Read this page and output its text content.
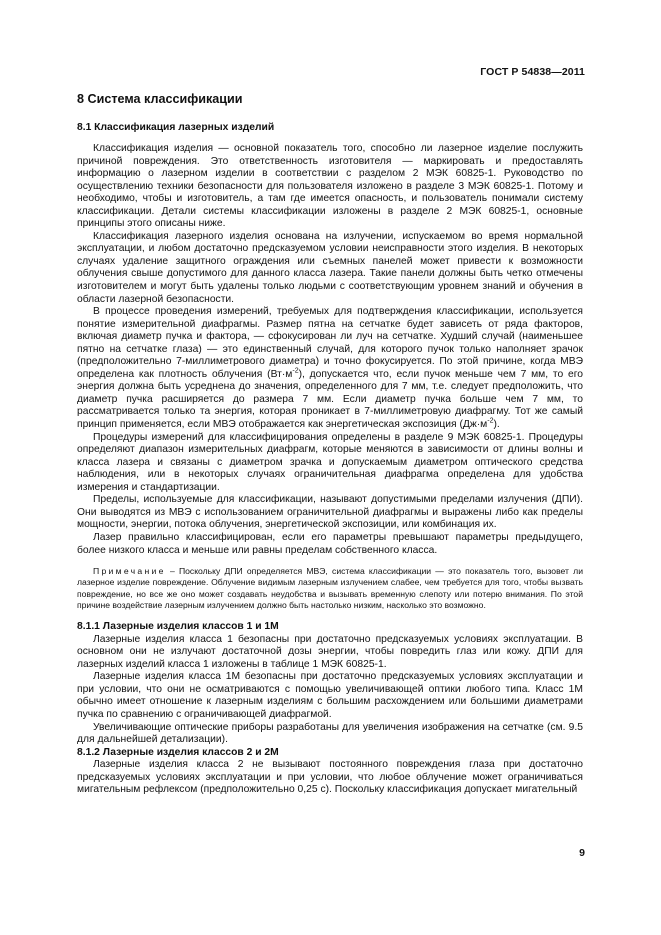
ГОСТ Р 54838—2011
8 Система классификации
8.1 Классификация лазерных изделий

Классификация изделия — основной показатель того, способно ли лазерное изделие послужить причиной повреждения. Это ответственность изготовителя — маркировать и предоставлять информацию о лазерном изделии в соответствии с разделом 2 МЭК 60825-1. Руководство по осуществлению техники безопасности для пользователя изложено в разделе 3 МЭК 60825-1. Потому и необходимо, чтобы и изготовитель, а там где имеется опасность, и пользователь понимали систему классификации. Детали системы классификации изложены в разделе 2 МЭК 60825-1, основные принципы этого описаны ниже.

Классификация лазерного изделия основана на излучении, испускаемом во время нормальной эксплуатации, и любом достаточно предсказуемом условии неисправности этого изделия. В некоторых случаях удаление защитного ограждения или съемных панелей может привести к возможности облучения свыше допустимого для данного класса лазера. Такие панели должны быть четко отмечены изготовителем и могут быть удалены только людьми с соответствующим уровнем знаний и обучения в области лазерной безопасности.

В процессе проведения измерений, требуемых для подтверждения классификации, используется понятие измерительной диафрагмы. Размер пятна на сетчатке будет зависеть от ряда факторов, включая диаметр пучка и фактора, — сфокусирован ли луч на сетчатке. Худший случай (наименьшее пятно на сетчатке глаза) — это единственный случай, для которого пучок только наполняет зрачок (предположительно 7-миллиметрового диаметра) и точно фокусируется. По этой причине, когда МВЭ определена как плотность облучения $(Вт\cdot м^{-2})$, допускается что, если пучок меньше чем 7 мм, то его энергия должна быть усреднена до значения, определенного для 7 мм, т.е. следует предположить, что диаметр пучка расширяется до размера 7 мм. Если диаметр пучка больше чем 7 мм, то рассматривается только та энергия, которая проникает в 7-миллиметровую диафрагму. Тот же самый принцип применяется, если МВЭ отображается как энергетическая экспозиция $(Дж\cdot м^{-2})$.

Процедуры измерений для классифицирования определены в разделе 9 МЭК 60825-1. Процедуры определяют диапазон измерительных диафрагм, которые меняются в зависимости от длины волны и класса лазера и связаны с диаметром зрачка и допускаемым диаметром оптического средства наблюдения, или в некоторых случаях ограничительная диафрагма определена для удобства измерения и стандартизации.

Пределы, используемые для классификации, называют допустимыми пределами излучения (ДПИ). Они выводятся из МВЭ с использованием ограничительной диафрагмы и выражены либо как пределы мощности, энергии, потока облучения, энергетической экспозиции, или комбинация их.

Лазер правильно классифицирован, если его параметры превышают параметры предыдущего, более низкого класса и меньше или равны пределам собственного класса.

Примечание – Поскольку ДПИ определяется МВЭ, система классификации — это показатель того, вызовет ли лазерное изделие повреждение. Облучение видимым лазерным излучением слабее, чем требуется для того, чтобы вызвать повреждение, но все же оно может создавать неудобства и вызывать временную слепоту или потерю внимания. По этой причине воздействие лазерным излучением должно быть настолько низким, насколько это возможно.

8.1.1 Лазерные изделия классов 1 и 1М

Лазерные изделия класса 1 безопасны при достаточно предсказуемых условиях эксплуатации. В основном они не излучают достаточной дозы энергии, чтобы повредить глаз или кожу. ДПИ для лазерных изделий класса 1 изложены в таблице 1 МЭК 60825-1.

Лазерные изделия класса 1М безопасны при достаточно предсказуемых условиях эксплуатации и при условии, что они не осматриваются с помощью увеличивающей оптики любого типа. Класс 1М обычно имеет отношение к лазерным изделиям с большим расхождением или большими диаметрами пучка по сравнению с ограничивающей диафрагмой.

Увеличивающие оптические приборы разработаны для увеличения изображения на сетчатке (см. 9.5 для дальнейшей детализации).

8.1.2 Лазерные изделия классов 2 и 2М

Лазерные изделия класса 2 не вызывают постоянного повреждения глаза при достаточно предсказуемых условиях эксплуатации и при условии, что любое облучение может ограничиваться мигательным рефлексом (предположительно 0,25 с). Поскольку классификация допускает мигательный

9
